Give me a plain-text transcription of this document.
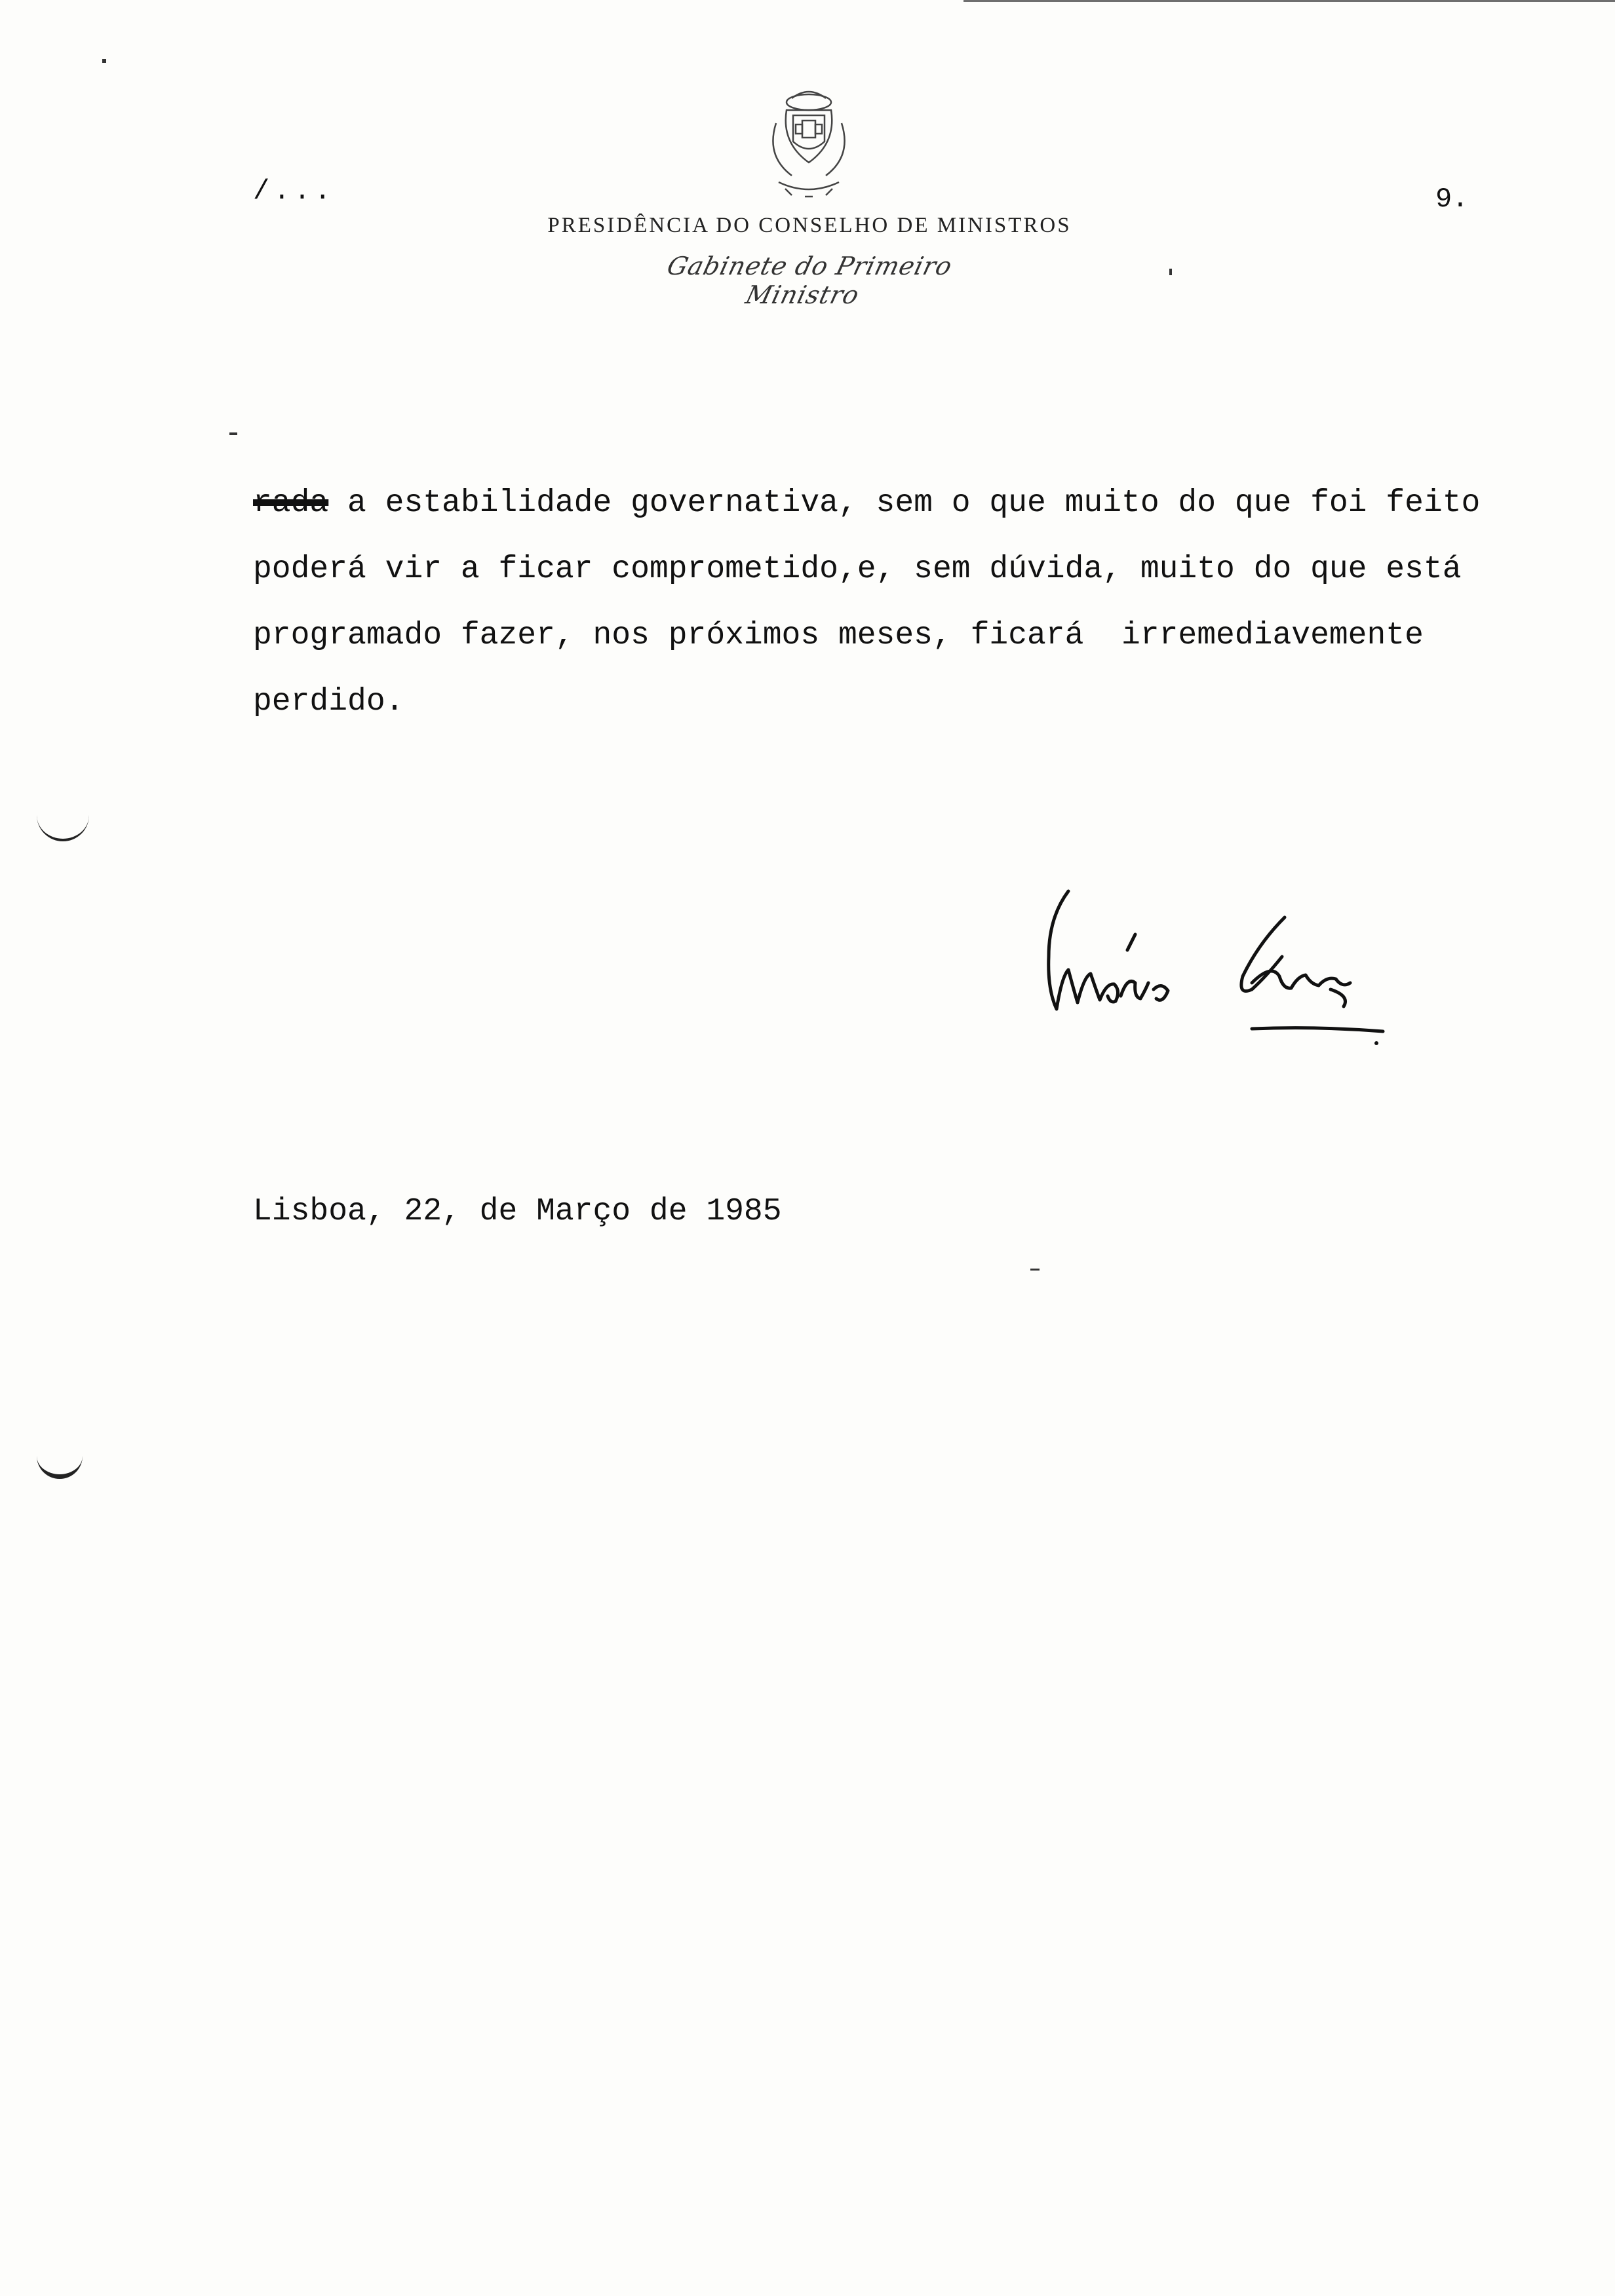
/...	9.
PRESIDÊNCIA DO CONSELHO DE MINISTROS
Gabinete do Primeiro Ministro
rada a estabilidade governativa, sem o que muito do que foi feito
poderá vir a ficar comprometido,e, sem dúvida, muito do que está
programado fazer, nos próximos meses, ficará  irremediavemente
perdido.
Lisboa, 22, de Março de 1985
